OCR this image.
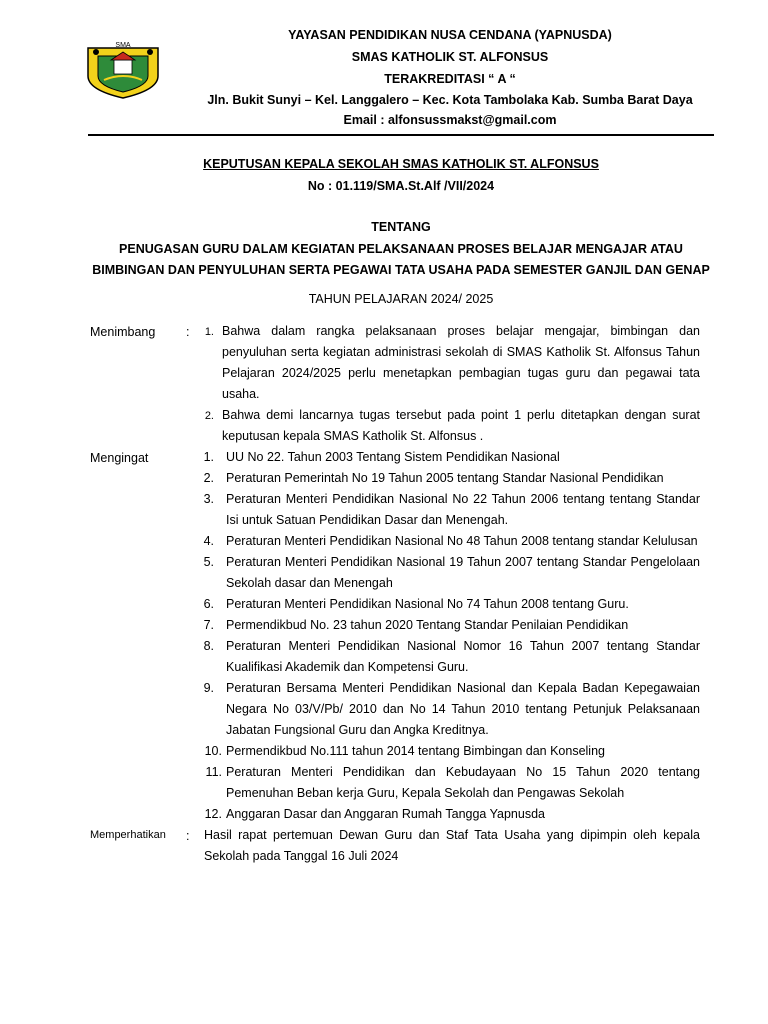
SMA
YAYASAN PENDIDIKAN NUSA CENDANA (YAPNUSDA)
SMAS KATHOLIK ST. ALFONSUS
TERAKREDITASI “ A “
Jln. Bukit Sunyi – Kel. Langgalero – Kec. Kota Tambolaka Kab. Sumba Barat Daya
Email : alfonsussmakst@gmail.com
KEPUTUSAN KEPALA SEKOLAH SMAS KATHOLIK ST. ALFONSUS
No : 01.119/SMA.St.Alf /VII/2024
TENTANG
PENUGASAN GURU DALAM KEGIATAN PELAKSANAAN PROSES BELAJAR MENGAJAR ATAU
BIMBINGAN DAN PENYULUHAN SERTA PEGAWAI TATA USAHA PADA SEMESTER GANJIL DAN GENAP
TAHUN PELAJARAN 2024/ 2025
Menimbang :	1. Bahwa dalam rangka pelaksanaan proses belajar mengajar, bimbingan dan penyuluhan serta kegiatan administrasi sekolah di SMAS Katholik St. Alfonsus Tahun Pelajaran 2024/2025 perlu menetapkan pembagian tugas guru dan pegawai tata usaha.
2. Bahwa demi lancarnya tugas tersebut pada point 1 perlu ditetapkan dengan surat keputusan kepala SMAS Katholik St. Alfonsus .
Mengingat	1. UU No 22. Tahun 2003 Tentang Sistem Pendidikan Nasional
2. Peraturan Pemerintah No 19 Tahun 2005 tentang Standar Nasional Pendidikan
3. Peraturan Menteri Pendidikan Nasional No 22 Tahun 2006 tentang tentang Standar Isi untuk Satuan Pendidikan Dasar dan Menengah.
4. Peraturan Menteri Pendidikan Nasional No 48 Tahun 2008 tentang standar Kelulusan
5. Peraturan Menteri Pendidikan Nasional 19 Tahun 2007 tentang Standar Pengelolaan Sekolah dasar dan Menengah
6. Peraturan Menteri Pendidikan Nasional No 74 Tahun 2008 tentang Guru.
7. Permendikbud No. 23 tahun 2020 Tentang Standar Penilaian Pendidikan
8. Peraturan Menteri Pendidikan Nasional Nomor 16 Tahun 2007 tentang Standar Kualifikasi Akademik dan Kompetensi Guru.
9. Peraturan Bersama Menteri Pendidikan Nasional dan Kepala Badan Kepegawaian Negara No 03/V/Pb/ 2010 dan No 14 Tahun 2010 tentang Petunjuk Pelaksanaan Jabatan Fungsional Guru dan Angka Kreditnya.
10. Permendikbud No.111 tahun 2014 tentang Bimbingan dan Konseling
11. Peraturan Menteri Pendidikan dan Kebudayaan No 15 Tahun 2020 tentang Pemenuhan Beban kerja Guru, Kepala Sekolah dan Pengawas Sekolah
12. Anggaran Dasar dan Anggaran Rumah Tangga Yapnusda
Memperhatikan : Hasil rapat pertemuan Dewan Guru dan Staf Tata Usaha yang dipimpin oleh kepala Sekolah pada Tanggal 16 Juli 2024
